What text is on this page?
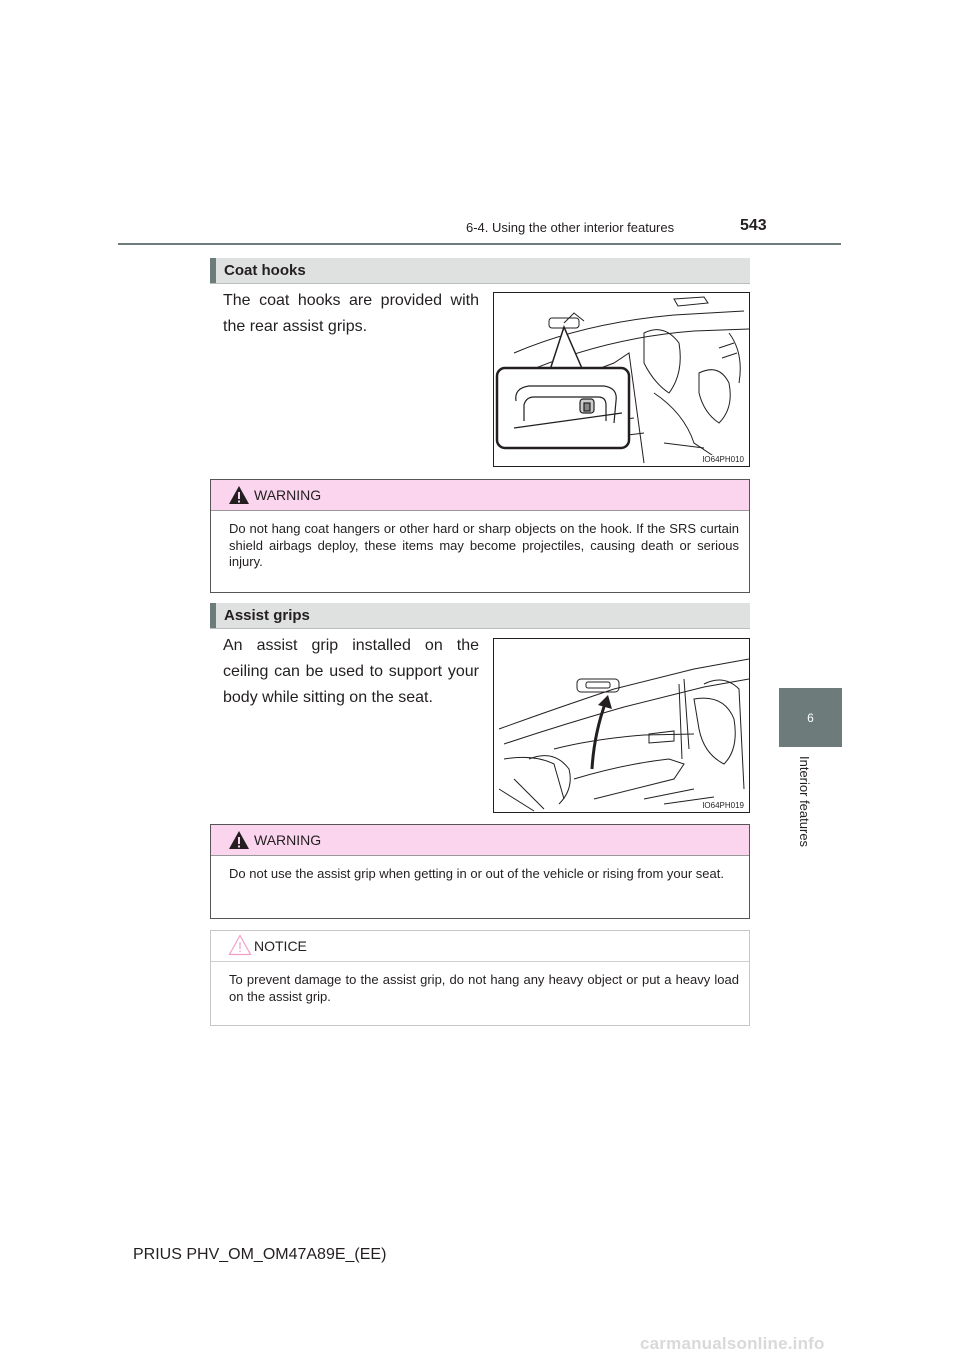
6-4. Using the other interior features	543
6
Interior features
Coat hooks
The coat hooks are provided with the rear assist grips.
IO64PH010
WARNING
Do not hang coat hangers or other hard or sharp objects on the hook. If the SRS curtain shield airbags deploy, these items may become projectiles, causing death or serious injury.
Assist grips
An assist grip installed on the ceiling can be used to support your body while sitting on the seat.
IO64PH019
WARNING
Do not use the assist grip when getting in or out of the vehicle or rising from your seat.
NOTICE
To prevent damage to the assist grip, do not hang any heavy object or put a heavy load on the assist grip.
PRIUS PHV_OM_OM47A89E_(EE)
carmanualsonline.info
